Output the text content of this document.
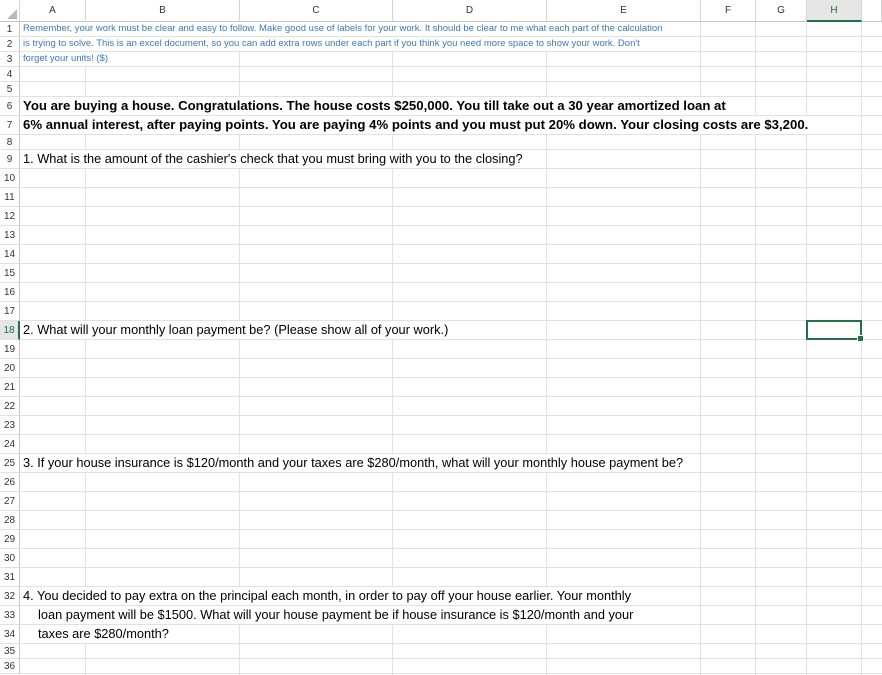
A	B	C	D	E	F	G	H
1
2
3
4
5
6
7
8
9
10
11
12
13
14
15
16
17
18
19
20
21
22
23
24
25
26
27
28
29
30
31
32
33
34
35
36
Remember, your work must be clear and easy to follow. Make good use of labels for your work. It should be clear to me what each part of the calculation
is trying to solve. This is an excel document, so you can add extra rows under each part if you think you need more space to show your work. Don't
forget your units! ($)
You are buying a house. Congratulations. The house costs $250,000. You till take out a 30 year amortized loan at
6% annual interest, after paying points. You are paying 4% points and you must put 20% down. Your closing costs are $3,200.
1. What is the amount of the cashier's check that you must bring with you to the closing?
2. What will your monthly loan payment be? (Please show all of your work.)
3. If your house insurance is $120/month and your taxes are $280/month, what will your monthly house payment be?
4. You decided to pay extra on the principal each month, in order to pay off your house earlier. Your monthly
loan payment will be $1500. What will your house payment be if house insurance is $120/month and your
taxes are $280/month?
